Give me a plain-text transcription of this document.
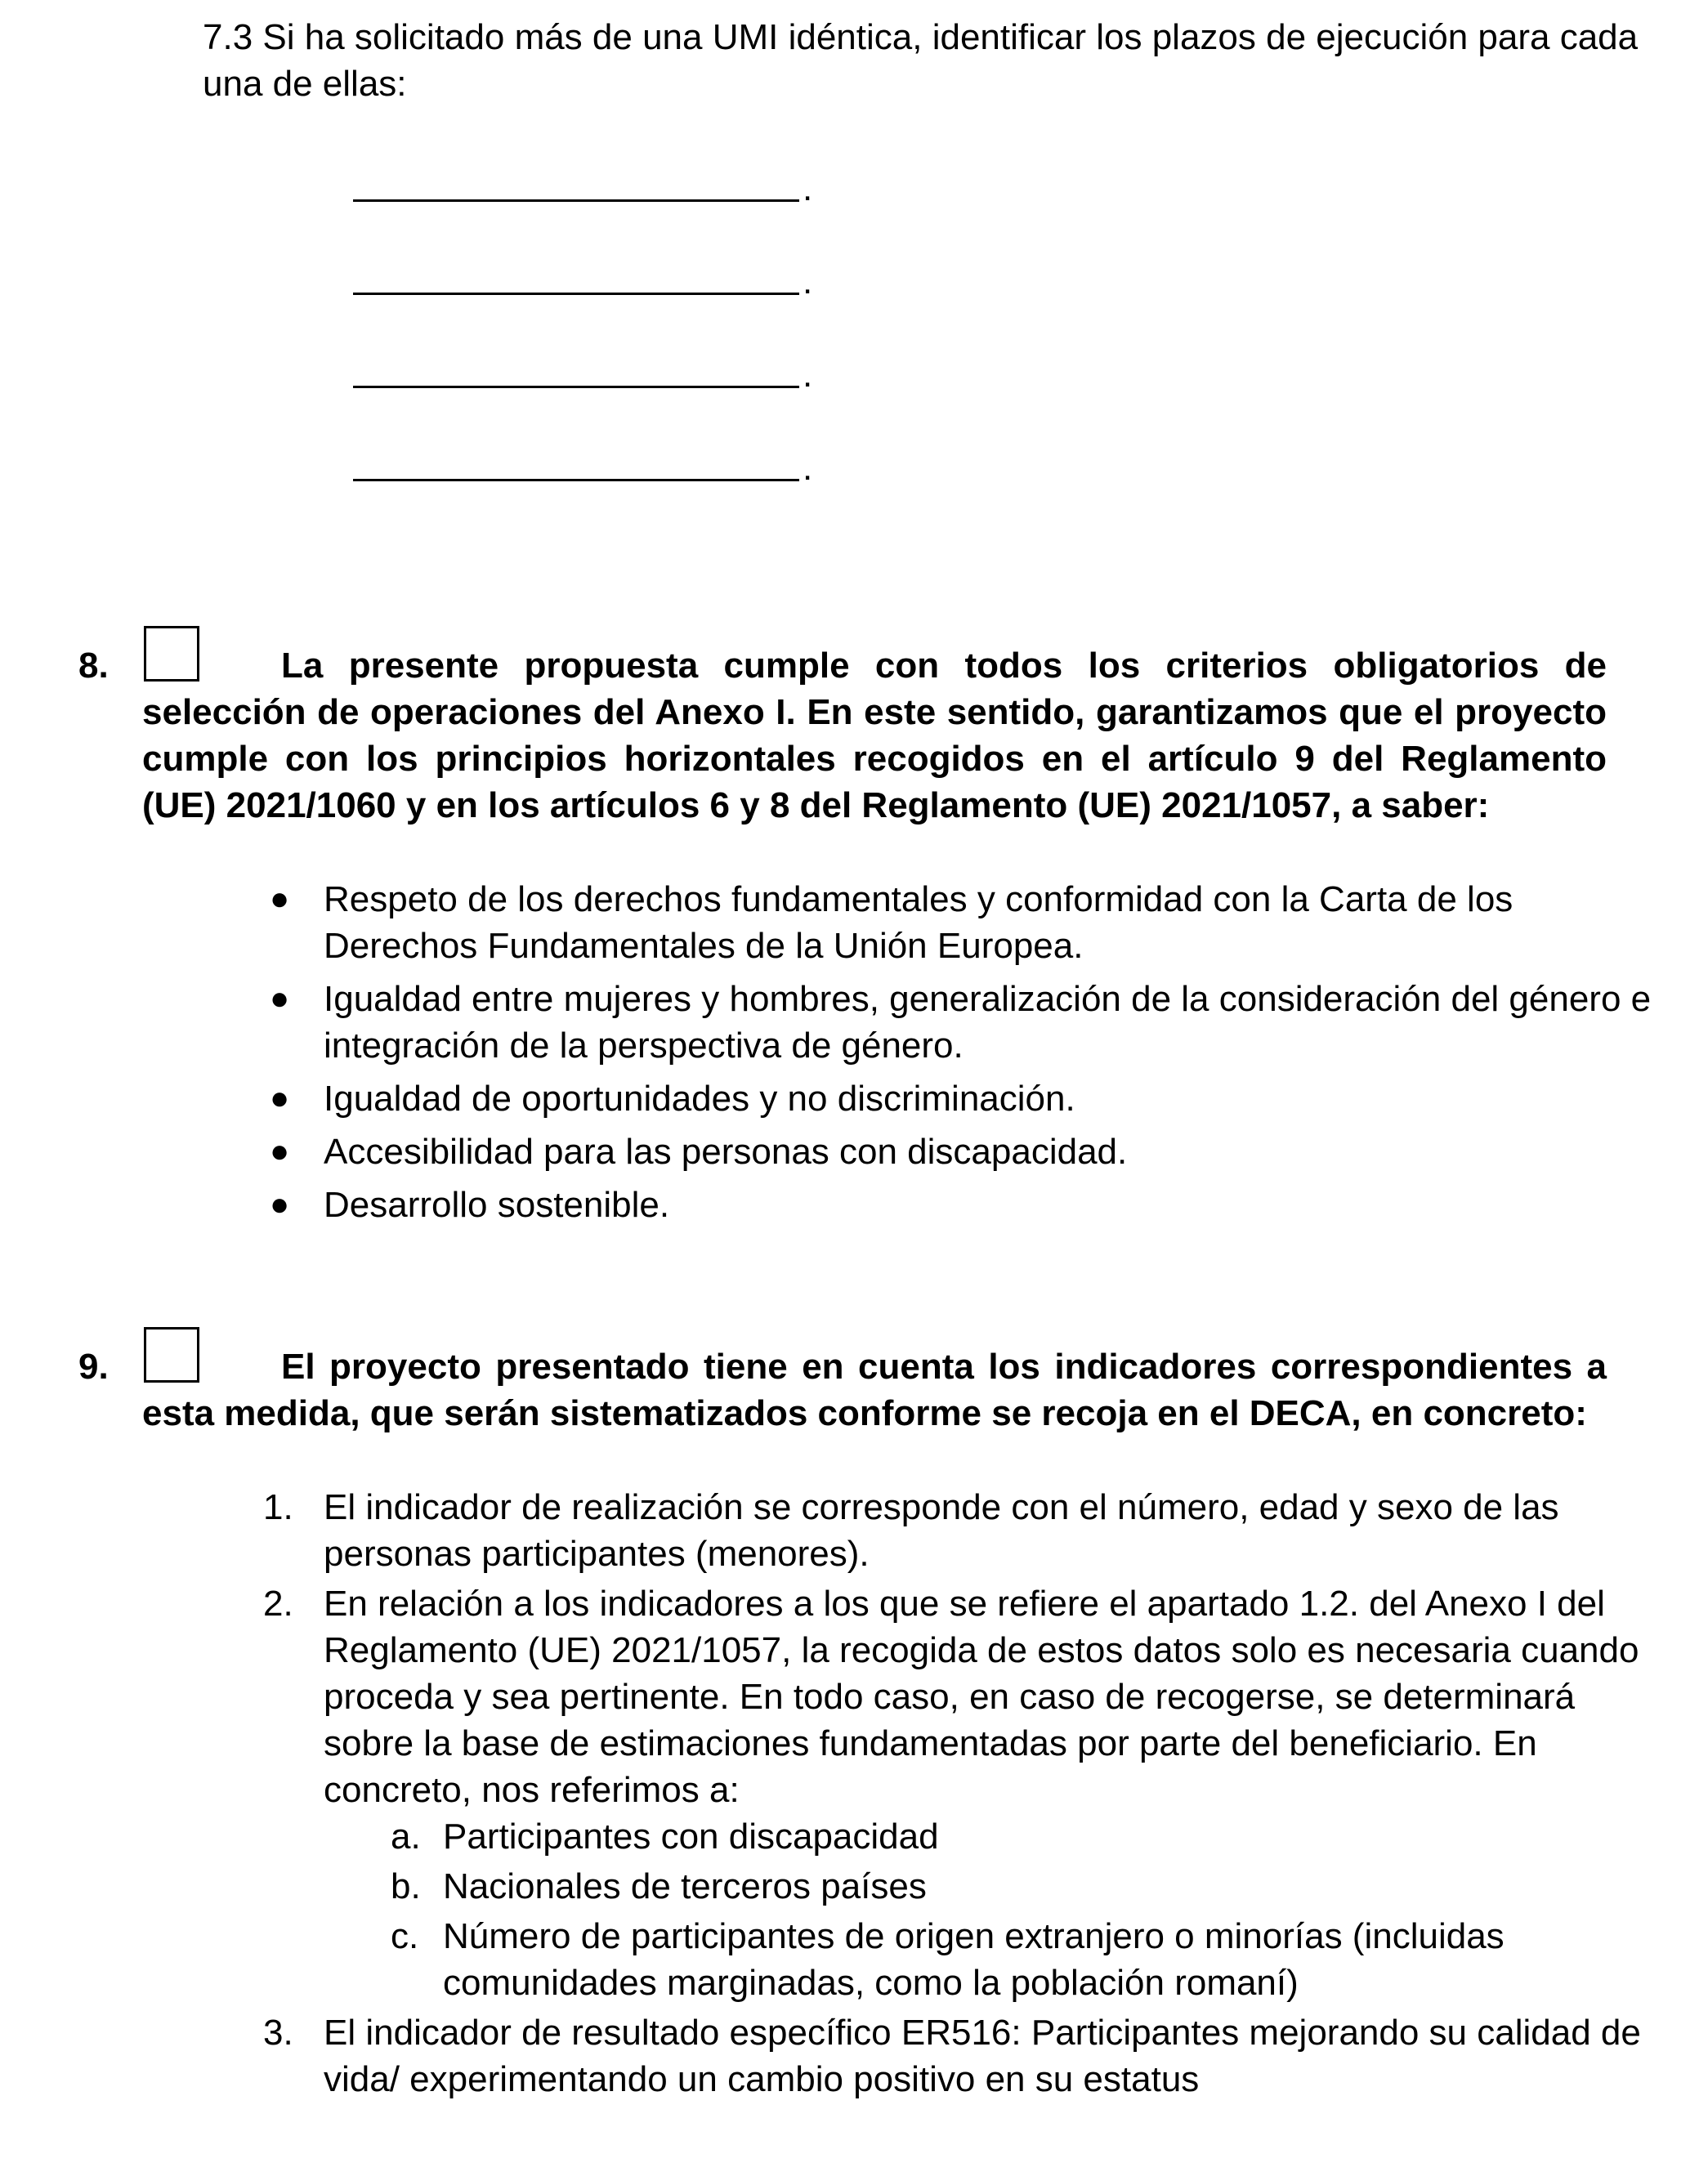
7.3 Si ha solicitado más de una UMI idéntica, identificar los plazos de ejecución para cada una de ellas:
.
.
.
.
8.	La presente propuesta cumple con todos los criterios obligatorios de selección de operaciones del Anexo I. En este sentido, garantizamos que el proyecto cumple con los principios horizontales recogidos en el artículo 9 del Reglamento (UE) 2021/1060 y en los artículos 6 y 8 del Reglamento (UE) 2021/1057, a saber:
● Respeto de los derechos fundamentales y conformidad con la Carta de los Derechos Fundamentales de la Unión Europea.
● Igualdad entre mujeres y hombres, generalización de la consideración del género e integración de la perspectiva de género.
● Igualdad de oportunidades y no discriminación.
● Accesibilidad para las personas con discapacidad.
● Desarrollo sostenible.
9.	El proyecto presentado tiene en cuenta los indicadores correspondientes a esta medida, que serán sistematizados conforme se recoja en el DECA, en concreto:
1. El indicador de realización se corresponde con el número, edad y sexo de las personas participantes (menores).
2. En relación a los indicadores a los que se refiere el apartado 1.2. del Anexo I del Reglamento (UE) 2021/1057, la recogida de estos datos solo es necesaria cuando proceda y sea pertinente. En todo caso, en caso de recogerse, se determinará sobre la base de estimaciones fundamentadas por parte del beneficiario. En concreto, nos referimos a:
a. Participantes con discapacidad
b. Nacionales de terceros países
c. Número de participantes de origen extranjero o minorías (incluidas comunidades marginadas, como la población romaní)
3. El indicador de resultado específico ER516: Participantes mejorando su calidad de vida/ experimentando un cambio positivo en su estatus
